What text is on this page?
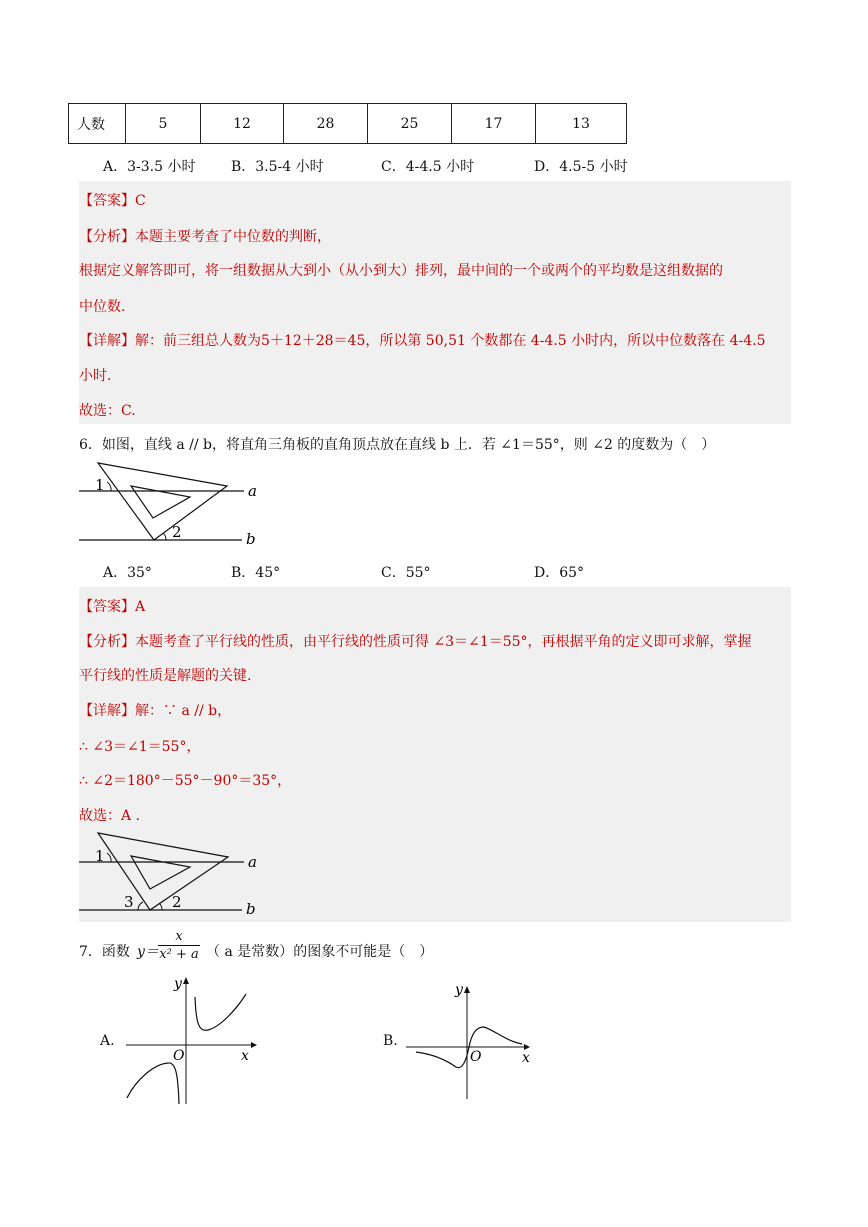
人数	5	12	28	25	17	13
A．3-3.5 小时	B．3.5-4 小时	C．4-4.5 小时	D．4.5-5 小时
【答案】C
【分析】本题主要考查了中位数的判断，
根据定义解答即可，将一组数据从大到小（从小到大）排列，最中间的一个或两个的平均数是这组数据的
中位数.
【详解】解：前三组总人数为5＋12＋28＝45，所以第 50,51 个数都在 4-4.5 小时内，所以中位数落在 4-4.5
小时.
故选：C.
6．如图，直线 a // b，将直角三角板的直角顶点放在直线 b 上．若 ∠1＝55°，则 ∠2 的度数为（　）
1
2
a
b
A．35°	B．45°	C．55°	D．65°
【答案】A
【分析】本题考查了平行线的性质，由平行线的性质可得 ∠3＝∠1＝55°，再根据平角的定义即可求解，掌握
平行线的性质是解题的关键.
【详解】解：∵ a // b，
∴ ∠3＝∠1＝55°，
∴ ∠2＝180°－55°－90°＝35°，
故选：A .
1
2
3
a
b
7．函数 $y= \frac{x}{\text{x² + a}}$ （ a 是常数）的图象不可能是（　）
A.
y
x
O
B.
y
x
O
